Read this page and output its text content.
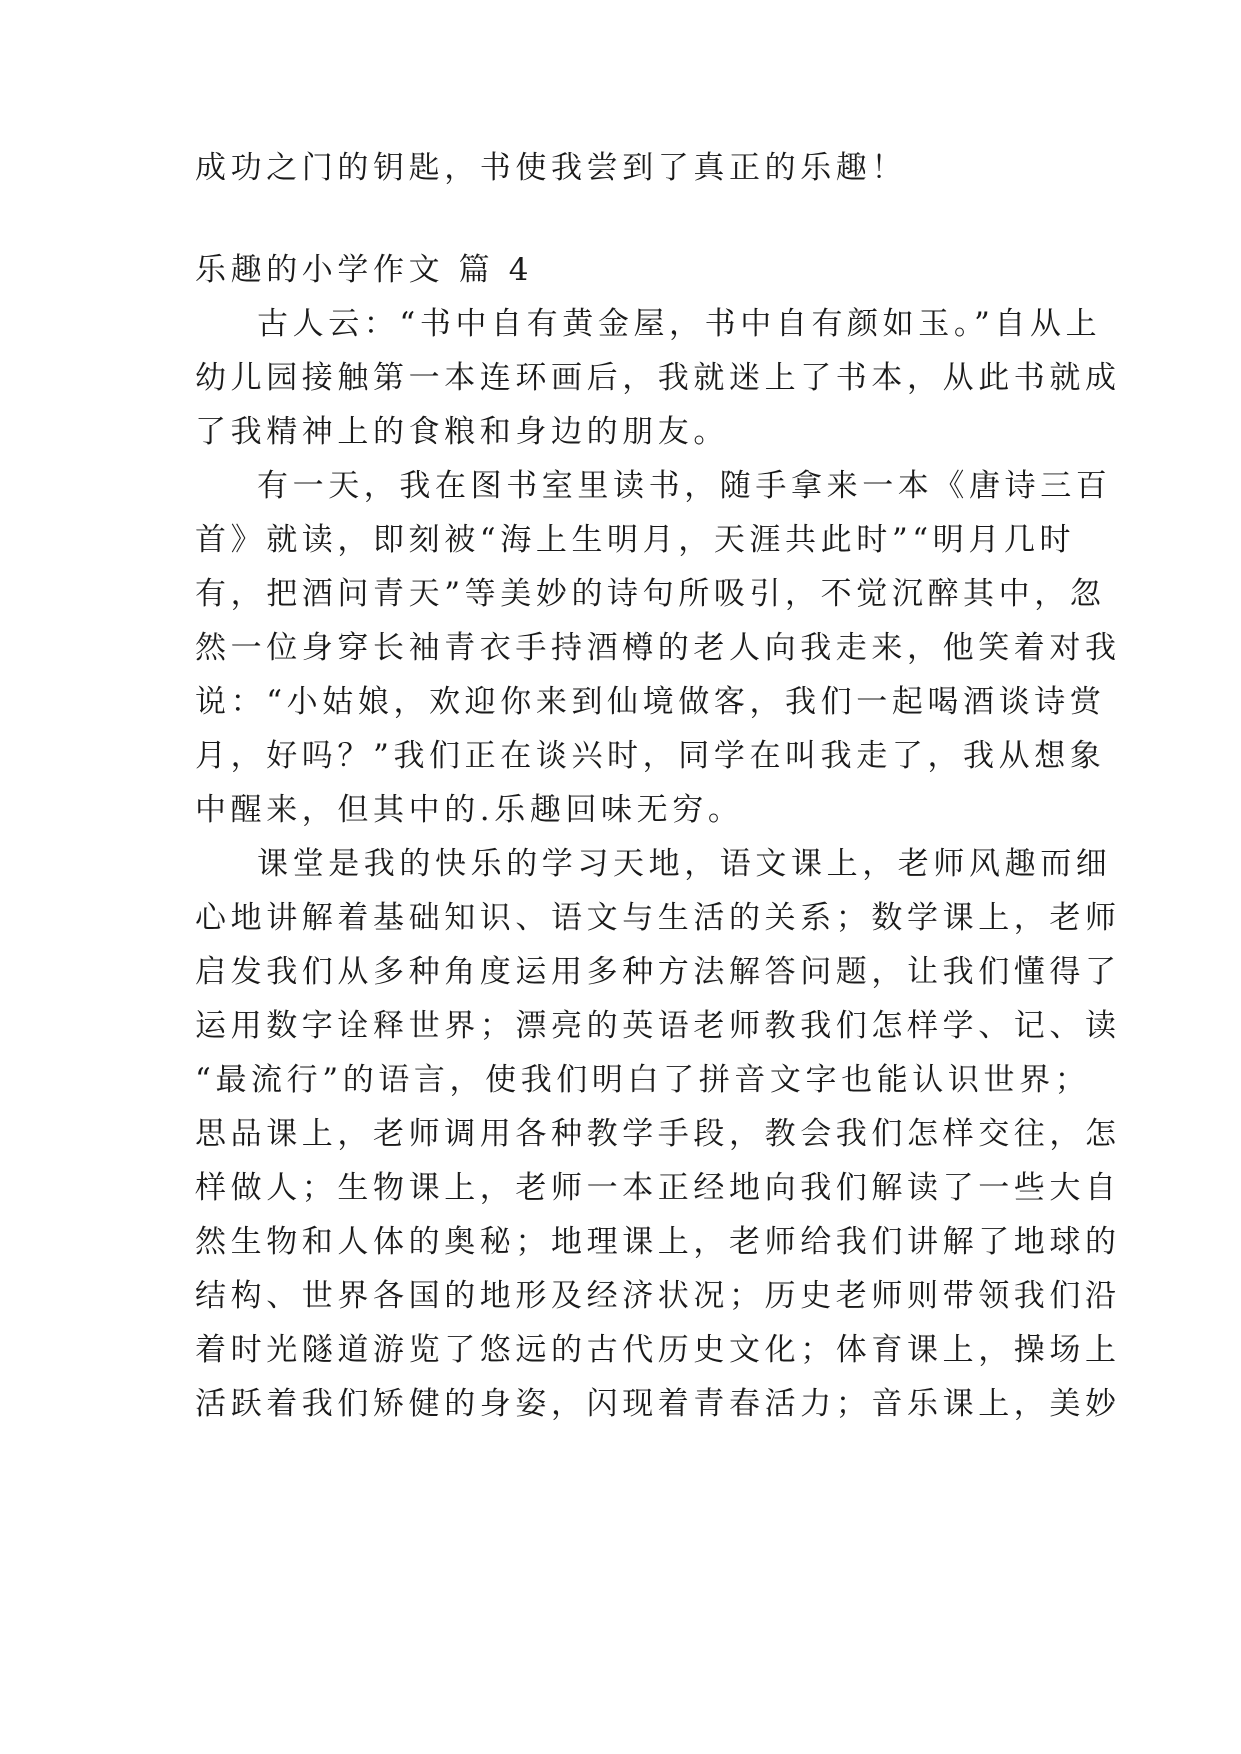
成功之门的钥匙，书使我尝到了真正的乐趣！
乐趣的小学作文 篇 4
古人云：“书中自有黄金屋，书中自有颜如玉。”自从上
幼儿园接触第一本连环画后，我就迷上了书本，从此书就成
了我精神上的食粮和身边的朋友。
有一天，我在图书室里读书，随手拿来一本《唐诗三百
首》就读，即刻被“海上生明月，天涯共此时”“明月几时
有，把酒问青天”等美妙的诗句所吸引，不觉沉醉其中，忽
然一位身穿长袖青衣手持酒樽的老人向我走来，他笑着对我
说：“小姑娘，欢迎你来到仙境做客，我们一起喝酒谈诗赏
月，好吗？”我们正在谈兴时，同学在叫我走了，我从想象
中醒来，但其中的.乐趣回味无穷。
课堂是我的快乐的学习天地，语文课上，老师风趣而细
心地讲解着基础知识、语文与生活的关系；数学课上，老师
启发我们从多种角度运用多种方法解答问题，让我们懂得了
运用数字诠释世界；漂亮的英语老师教我们怎样学、记、读
“最流行”的语言，使我们明白了拼音文字也能认识世界；
思品课上，老师调用各种教学手段，教会我们怎样交往，怎
样做人；生物课上，老师一本正经地向我们解读了一些大自
然生物和人体的奥秘；地理课上，老师给我们讲解了地球的
结构、世界各国的地形及经济状况；历史老师则带领我们沿
着时光隧道游览了悠远的古代历史文化；体育课上，操场上
活跃着我们矫健的身姿，闪现着青春活力；音乐课上，美妙
